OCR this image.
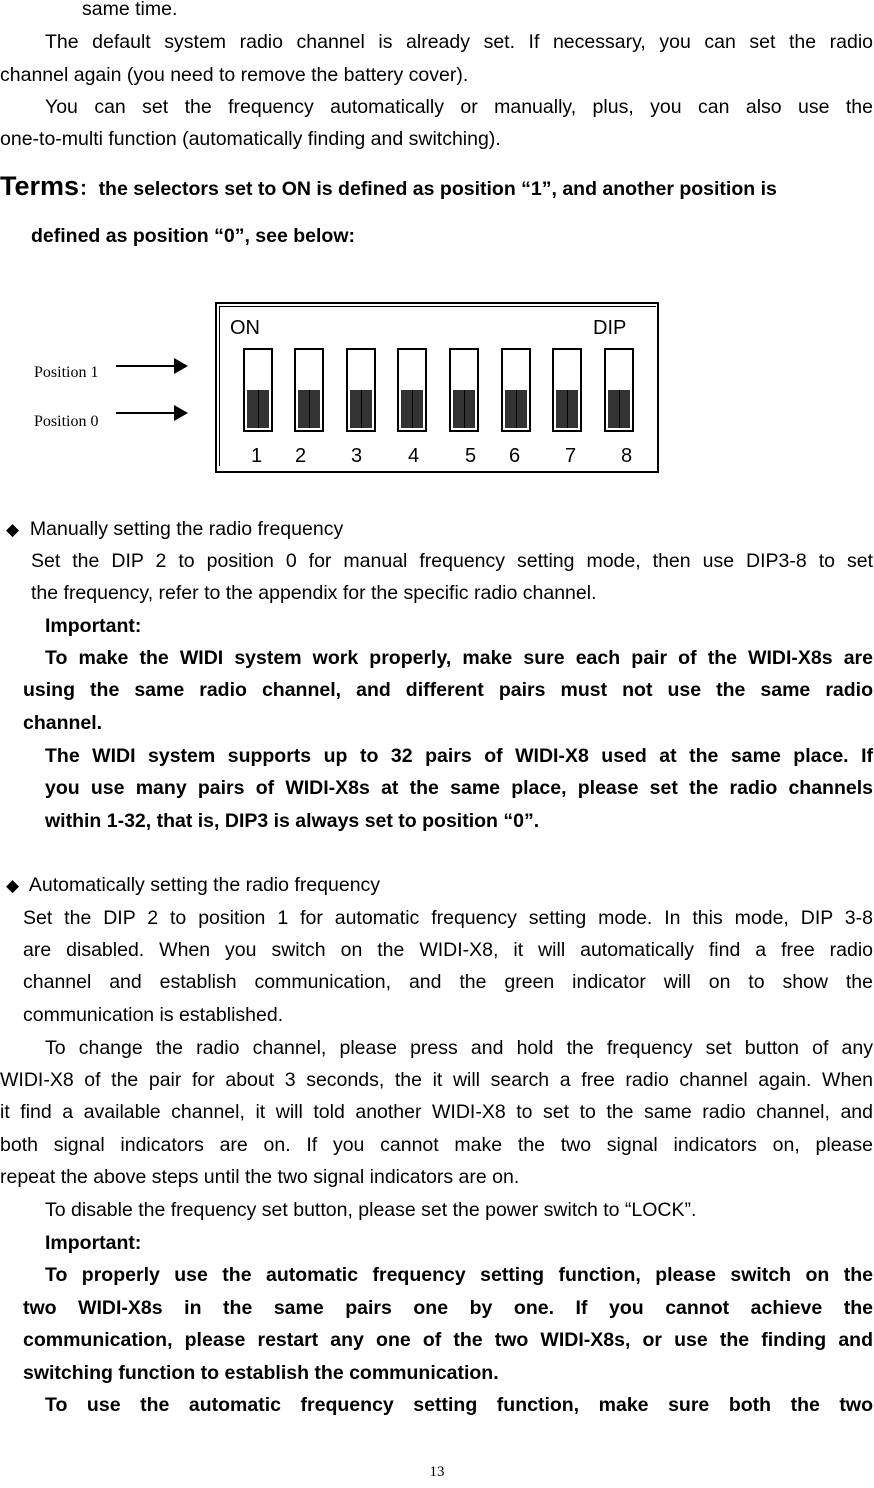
same time.
The default system radio channel is already set. If necessary, you can set the radio
channel again (you need to remove the battery cover).
You can set the frequency automatically or manually, plus, you can also use the
one-to-multi function (automatically finding and switching).
Terms：the selectors set to ON is defined as position “1”, and another position is
defined as position “0”, see below:
Position 1
Position 0
ON	DIP
1 2 3 4 5 6 7 8
◆ Manually setting the radio frequency
Set the DIP 2 to position 0 for manual frequency setting mode, then use DIP3-8 to set
the frequency, refer to the appendix for the specific radio channel.
Important:
To make the WIDI system work properly, make sure each pair of the WIDI-X8s are
using the same radio channel, and different pairs must not use the same radio
channel.
The WIDI system supports up to 32 pairs of WIDI-X8 used at the same place. If
you use many pairs of WIDI-X8s at the same place, please set the radio channels
within 1-32, that is, DIP3 is always set to position “0”.
◆ Automatically setting the radio frequency
Set the DIP 2 to position 1 for automatic frequency setting mode. In this mode, DIP 3-8
are disabled. When you switch on the WIDI-X8, it will automatically find a free radio
channel and establish communication, and the green indicator will on to show the
communication is established.
To change the radio channel, please press and hold the frequency set button of any
WIDI-X8 of the pair for about 3 seconds, the it will search a free radio channel again. When
it find a available channel, it will told another WIDI-X8 to set to the same radio channel, and
both signal indicators are on. If you cannot make the two signal indicators on, please
repeat the above steps until the two signal indicators are on.
To disable the frequency set button, please set the power switch to “LOCK”.
Important:
To properly use the automatic frequency setting function, please switch on the
two WIDI-X8s in the same pairs one by one. If you cannot achieve the
communication, please restart any one of the two WIDI-X8s, or use the finding and
switching function to establish the communication.
To use the automatic frequency setting function, make sure both the two
13
